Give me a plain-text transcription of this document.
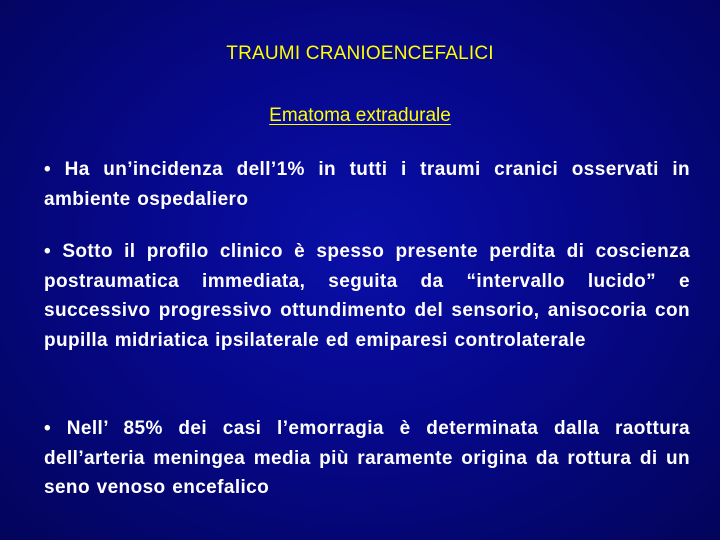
TRAUMI CRANIOENCEFALICI
Ematoma extradurale
• Ha un’incidenza dell’1% in tutti i traumi cranici osservati in ambiente ospedaliero
• Sotto il profilo clinico è spesso presente perdita di coscienza postraumatica immediata, seguita da “intervallo lucido” e successivo progressivo ottundimento del sensorio, anisocoria con pupilla midriatica ipsilaterale ed emiparesi controlaterale
• Nell’ 85% dei casi l’emorragia è determinata dalla raottura dell’arteria meningea media più raramente origina da rottura di un seno venoso encefalico
